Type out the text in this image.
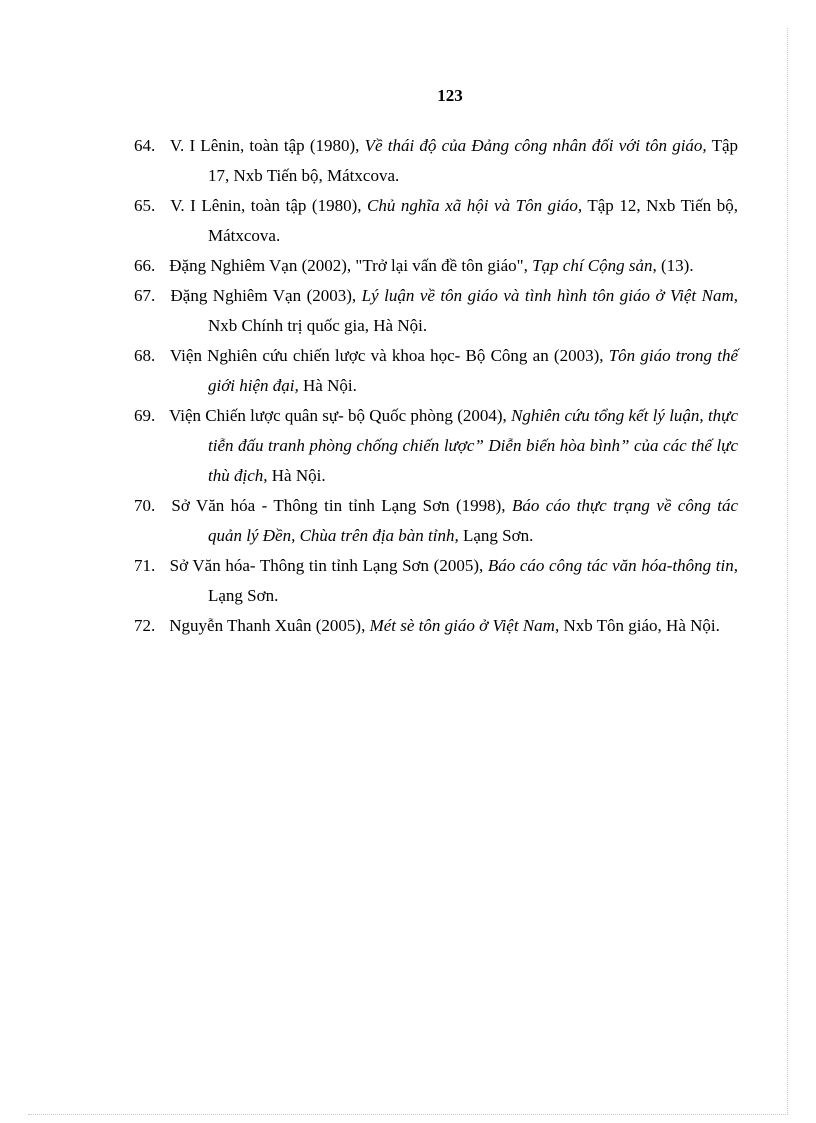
123
64. V. I Lênin, toàn tập (1980), Về thái độ của Đảng công nhân đối với tôn giáo, Tập 17, Nxb Tiến bộ, Mátxcova.
65. V. I Lênin, toàn tập (1980), Chủ nghĩa xã hội và Tôn giáo, Tập 12, Nxb Tiến bộ, Mátxcova.
66. Đặng Nghiêm Vạn (2002), "Trở lại vấn đề tôn giáo", Tạp chí Cộng sản, (13).
67. Đặng Nghiêm Vạn (2003), Lý luận về tôn giáo và tình hình tôn giáo ở Việt Nam, Nxb Chính trị quốc gia, Hà Nội.
68. Viện Nghiên cứu chiến lược và khoa học- Bộ Công an (2003), Tôn giáo trong thế giới hiện đại, Hà Nội.
69. Viện Chiến lược quân sự- bộ Quốc phòng (2004), Nghiên cứu tổng kết lý luận, thực tiễn đấu tranh phòng chống chiến lược” Diễn biến hòa bình” của các thế lực thù địch, Hà Nội.
70. Sở Văn hóa - Thông tin tỉnh Lạng Sơn (1998), Báo cáo thực trạng về công tác quản lý Đền, Chùa trên địa bàn tỉnh, Lạng Sơn.
71. Sở Văn hóa- Thông tin tỉnh Lạng Sơn (2005), Báo cáo công tác văn hóa-thông tin, Lạng Sơn.
72. Nguyễn Thanh Xuân (2005), Mét sè tôn giáo ở Việt Nam, Nxb Tôn giáo, Hà Nội.
